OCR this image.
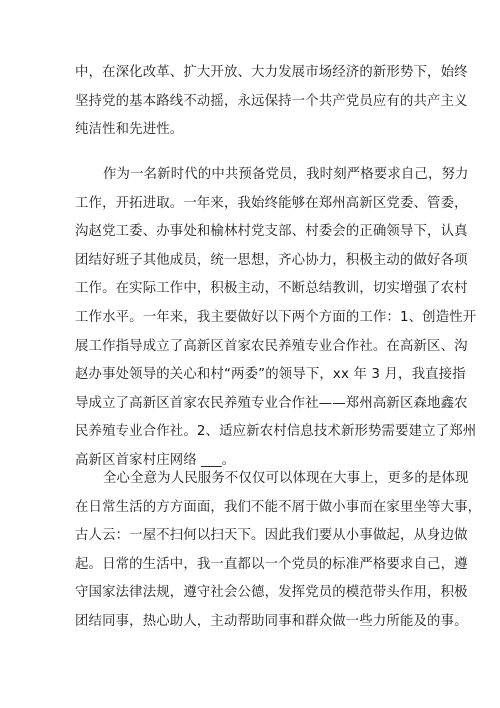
中，在深化改革、扩大开放、大力发展市场经济的新形势下，始终
坚持党的基本路线不动摇，永远保持一个共产党员应有的共产主义
纯洁性和先进性。
作为一名新时代的中共预备党员，我时刻严格要求自己，努力
工作，开拓进取。一年来，我始终能够在郑州高新区党委、管委，
沟赵党工委、办事处和榆林村党支部、村委会的正确领导下，认真
团结好班子其他成员，统一思想，齐心协力，积极主动的做好各项
工作。在实际工作中，积极主动，不断总结教训，切实增强了农村
工作水平。一年来，我主要做好以下两个方面的工作：1、创造性开
展工作指导成立了高新区首家农民养殖专业合作社。在高新区、沟
赵办事处领导的关心和村“两委”的领导下，xx 年 3 月，我直接指
导成立了高新区首家农民养殖专业合作社——郑州高新区森地鑫农
民养殖专业合作社。2、适应新农村信息技术新形势需要建立了郑州
高新区首家村庄网络 ___。
全心全意为人民服务不仅仅可以体现在大事上，更多的是体现
在日常生活的方方面面，我们不能不屑于做小事而在家里坐等大事，
古人云：一屋不扫何以扫天下。因此我们要从小事做起，从身边做
起。日常的生活中，我一直都以一个党员的标准严格要求自己，遵
守国家法律法规，遵守社会公德，发挥党员的模范带头作用，积极
团结同事，热心助人，主动帮助同事和群众做一些力所能及的事。
